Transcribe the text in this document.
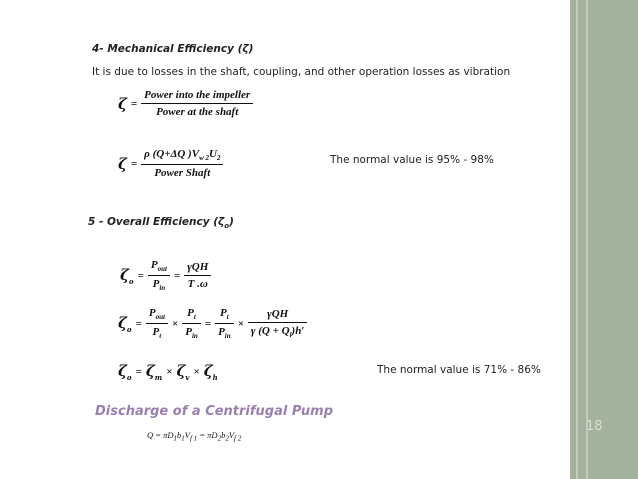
18
4- Mechanical Efficiency (ζ)
It is due to losses in the shaft, coupling, and other operation losses as vibration
$\zeta = \frac{\text{Power into the impeller}}{\text{Power at the shaft}}$
$\zeta = \frac{\rho (Q+\Delta Q )V_{w 2}U_2}{\text{Power Shaft}}$	The normal value is 95% - 98%
5 - Overall Efficiency $(\zeta_o)$
$\zeta_o = \frac{P_{out}}{P_{in}} = \frac{\text{γQH}}{T .\omega}$
$\zeta_o = \frac{P_{out}}{P_t} \times \frac{P_t}{P_{in}} = \frac{P_t}{P_{in}} \times \frac{\text{γQH}}{\gamma (Q + Q_l)h'}$
$\zeta_o = \zeta_m \times \zeta_v \times \zeta_h$
The normal value is 71% - 86%
Discharge of a Centrifugal Pump
$Q = \pi D_1b_1V_{f 1} = \pi D_2b_2V_{f 2}$
